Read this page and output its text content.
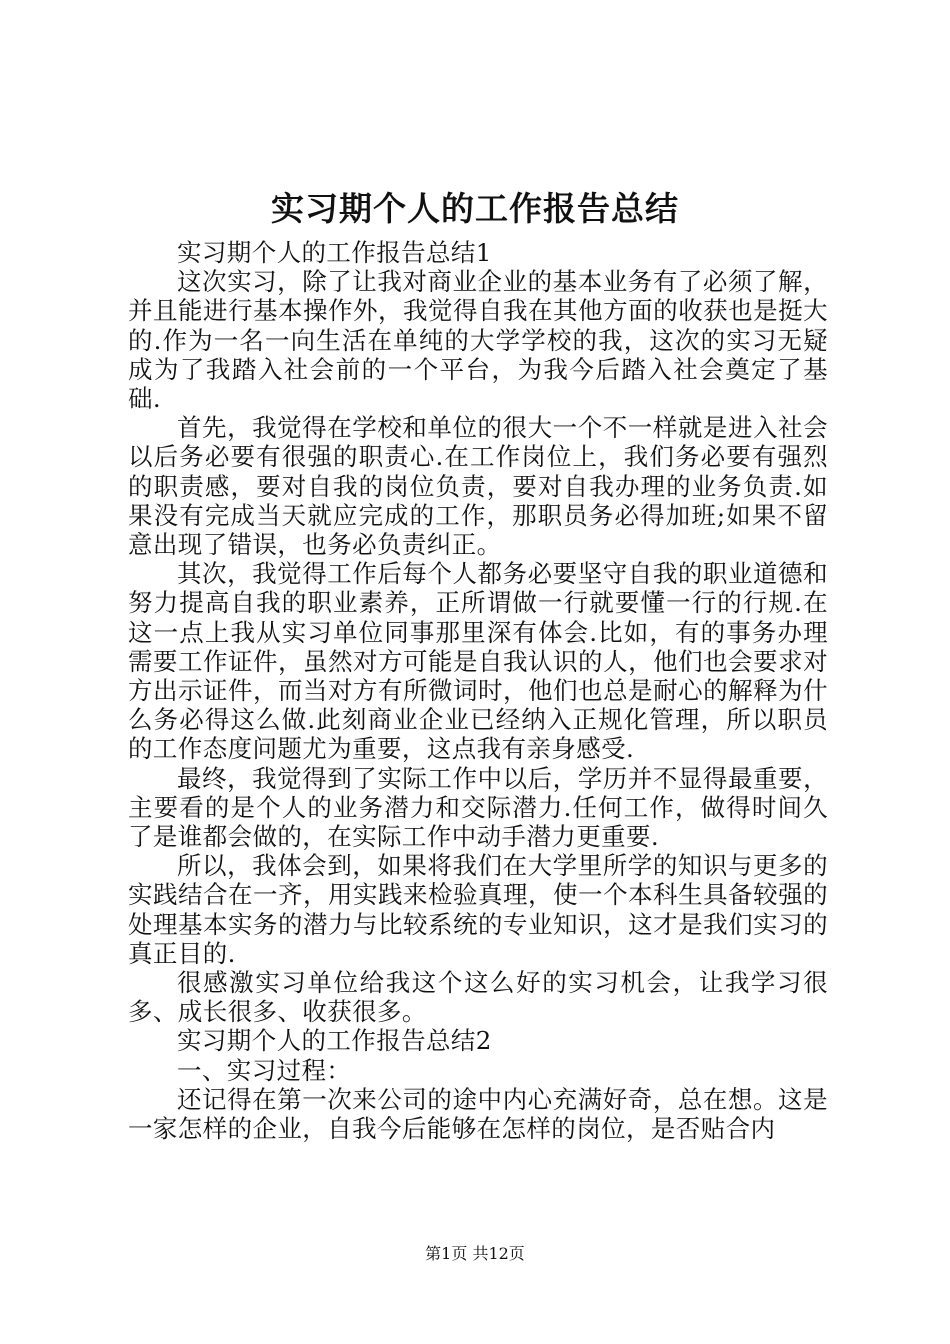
实习期个人的工作报告总结

实习期个人的工作报告总结1

这次实习，除了让我对商业企业的基本业务有了必须了解，并且能进行基本操作外，我觉得自我在其他方面的收获也是挺大的.作为一名一向生活在单纯的大学学校的我，这次的实习无疑成为了我踏入社会前的一个平台，为我今后踏入社会奠定了基础.

首先，我觉得在学校和单位的很大一个不一样就是进入社会以后务必要有很强的职责心.在工作岗位上，我们务必要有强烈的职责感，要对自我的岗位负责，要对自我办理的业务负责.如果没有完成当天就应完成的工作，那职员务必得加班;如果不留意出现了错误，也务必负责纠正。

其次，我觉得工作后每个人都务必要坚守自我的职业道德和努力提高自我的职业素养，正所谓做一行就要懂一行的行规.在这一点上我从实习单位同事那里深有体会.比如，有的事务办理需要工作证件，虽然对方可能是自我认识的人，他们也会要求对方出示证件，而当对方有所微词时，他们也总是耐心的解释为什么务必得这么做.此刻商业企业已经纳入正规化管理，所以职员的工作态度问题尤为重要，这点我有亲身感受.

最终，我觉得到了实际工作中以后，学历并不显得最重要，主要看的是个人的业务潜力和交际潜力.任何工作，做得时间久了是谁都会做的，在实际工作中动手潜力更重要.

所以，我体会到，如果将我们在大学里所学的知识与更多的实践结合在一齐，用实践来检验真理，使一个本科生具备较强的处理基本实务的潜力与比较系统的专业知识，这才是我们实习的真正目的.

很感激实习单位给我这个这么好的实习机会，让我学习很多、成长很多、收获很多。

实习期个人的工作报告总结2

一、实习过程：

还记得在第一次来公司的途中内心充满好奇，总在想。这是一家怎样的企业，自我今后能够在怎样的岗位，是否贴合内

第1页 共12页
